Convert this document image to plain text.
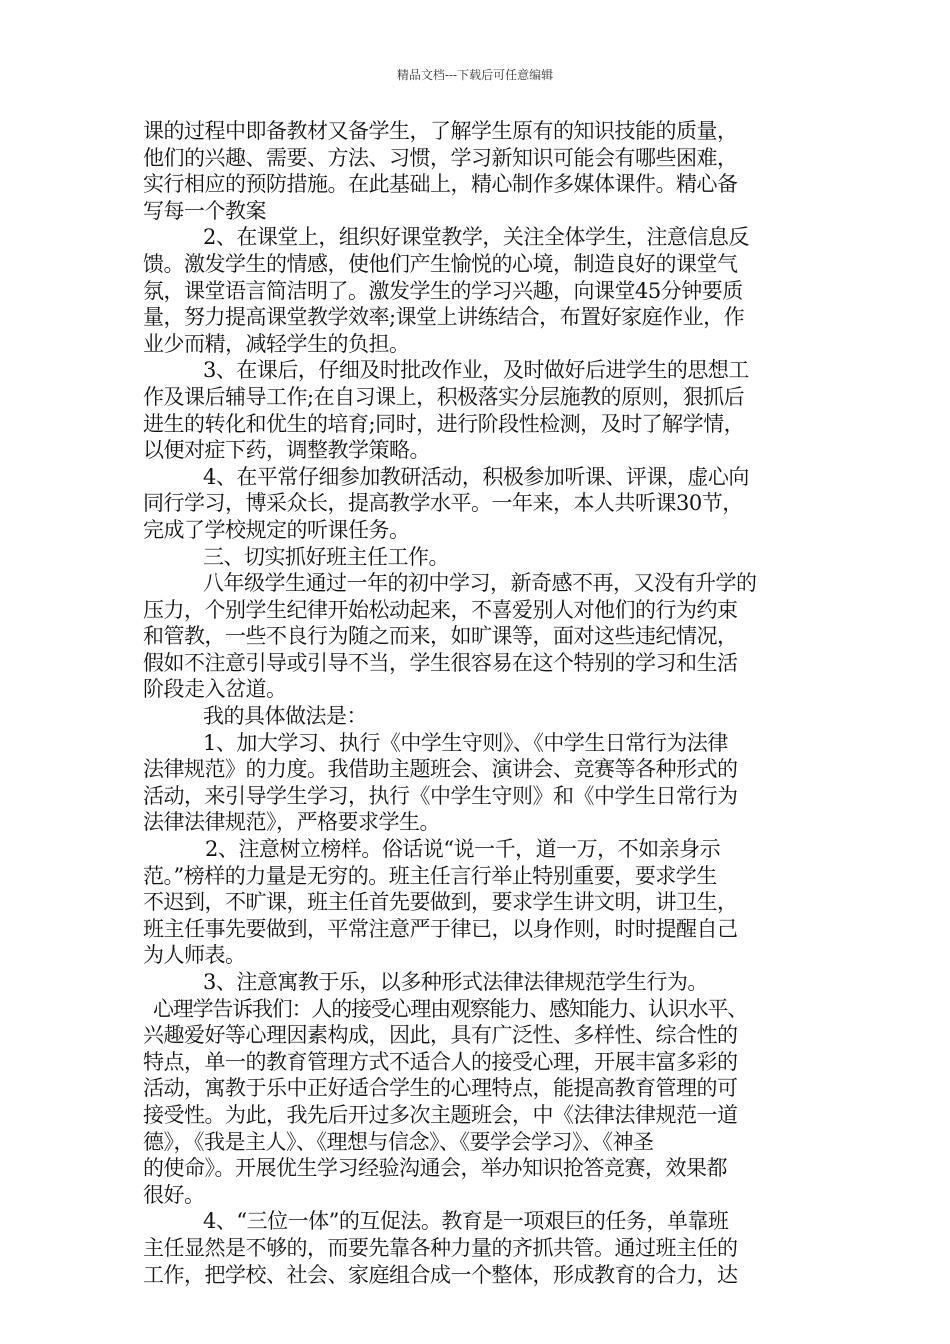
精品文档---下载后可任意编辑
课的过程中即备教材又备学生，了解学生原有的知识技能的质量，
他们的兴趣、需要、方法、习惯，学习新知识可能会有哪些困难，
实行相应的预防措施。在此基础上，精心制作多媒体课件。精心备
写每一个教案
2、在课堂上，组织好课堂教学，关注全体学生，注意信息反
馈。激发学生的情感，使他们产生愉悦的心境，制造良好的课堂气
氛，课堂语言简洁明了。激发学生的学习兴趣，向课堂45分钟要质
量，努力提高课堂教学效率;课堂上讲练结合，布置好家庭作业，作
业少而精，减轻学生的负担。
3、在课后，仔细及时批改作业，及时做好后进学生的思想工
作及课后辅导工作;在自习课上，积极落实分层施教的原则，狠抓后
进生的转化和优生的培育;同时，进行阶段性检测，及时了解学情，
以便对症下药，调整教学策略。
4、在平常仔细参加教研活动，积极参加听课、评课，虚心向
同行学习，博采众长，提高教学水平。一年来，本人共听课30节，
完成了学校规定的听课任务。
三、切实抓好班主任工作。
八年级学生通过一年的初中学习，新奇感不再，又没有升学的
压力，个别学生纪律开始松动起来，不喜爱别人对他们的行为约束
和管教，一些不良行为随之而来，如旷课等，面对这些违纪情况，
假如不注意引导或引导不当，学生很容易在这个特别的学习和生活
阶段走入岔道。
我的具体做法是：
1、加大学习、执行《中学生守则》、《中学生日常行为法律
法律规范》的力度。我借助主题班会、演讲会、竞赛等各种形式的
活动，来引导学生学习，执行《中学生守则》和《中学生日常行为
法律法律规范》，严格要求学生。
2、注意树立榜样。俗话说“说一千，道一万，不如亲身示
范。”榜样的力量是无穷的。班主任言行举止特别重要，要求学生
不迟到，不旷课，班主任首先要做到，要求学生讲文明，讲卫生，
班主任事先要做到，平常注意严于律已，以身作则，时时提醒自己
为人师表。
3、注意寓教于乐，以多种形式法律法律规范学生行为。
心理学告诉我们：人的接受心理由观察能力、感知能力、认识水平、
兴趣爱好等心理因素构成，因此，具有广泛性、多样性、综合性的
特点，单一的教育管理方式不适合人的接受心理，开展丰富多彩的
活动，寓教于乐中正好适合学生的心理特点，能提高教育管理的可
接受性。为此，我先后开过多次主题班会，中《法律法律规范一道
德》，《我是主人》、《理想与信念》、《要学会学习》、《神圣
的使命》。开展优生学习经验沟通会，举办知识抢答竞赛，效果都
很好。
4、“三位一体”的互促法。教育是一项艰巨的任务，单靠班
主任显然是不够的，而要先靠各种力量的齐抓共管。通过班主任的
工作，把学校、社会、家庭组合成一个整体，形成教育的合力，达
